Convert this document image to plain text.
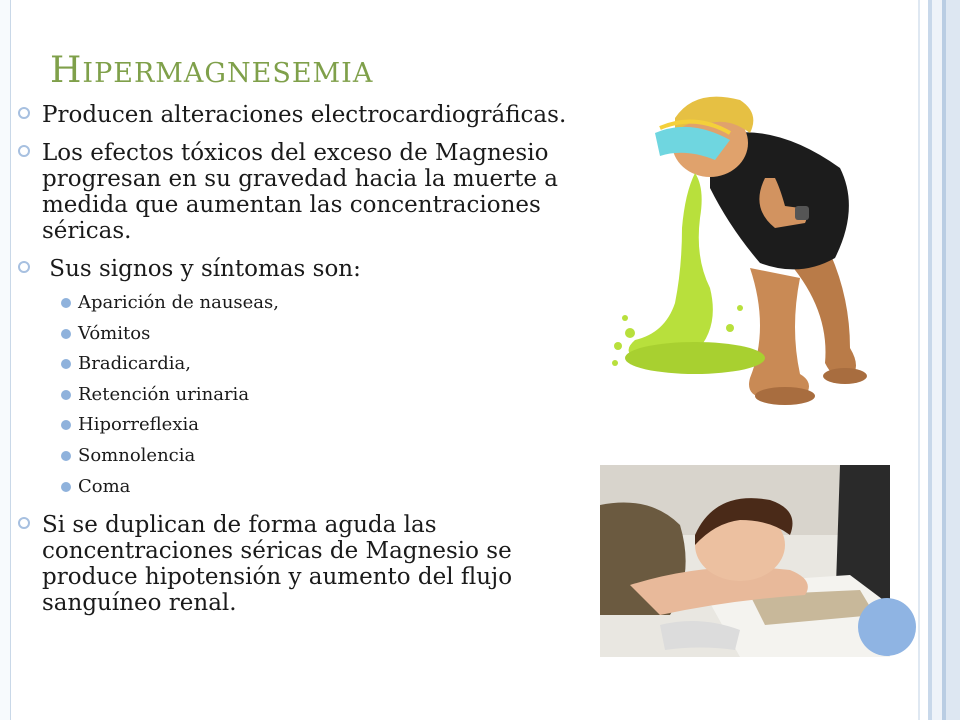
HIPERMAGNESEMIA
Producen alteraciones electrocardiográficas.
Los efectos tóxicos del exceso de Magnesio progresan en su gravedad hacia la muerte a medida que aumentan las concentraciones séricas.
Sus signos y síntomas son:
Aparición de nauseas,
Vómitos
Bradicardia,
Retención urinaria
Hiporreflexia
Somnolencia
Coma
Si se duplican de forma aguda las concentraciones séricas de Magnesio se produce hipotensión y aumento del flujo sanguíneo renal.
